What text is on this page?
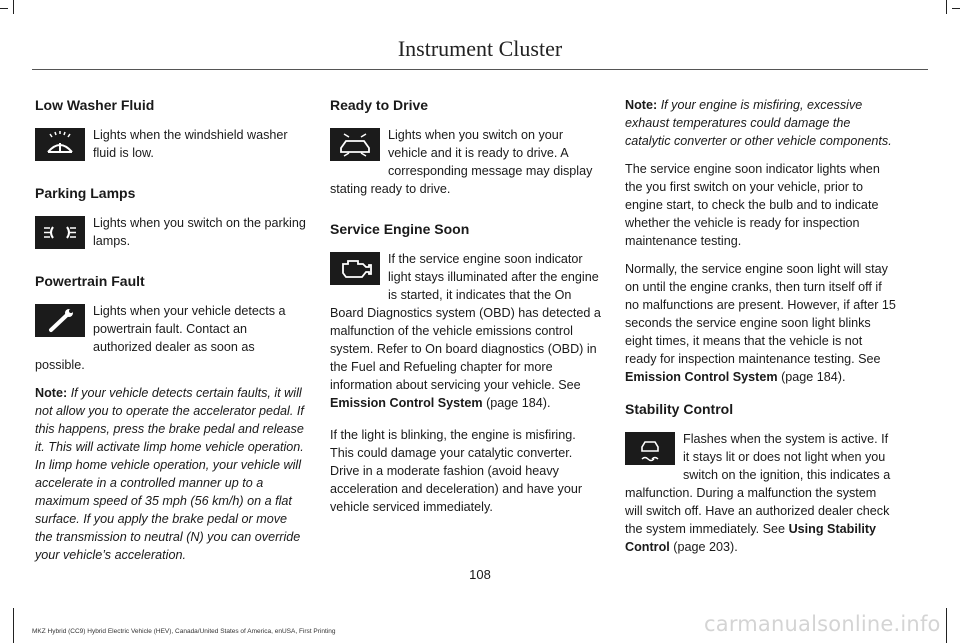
Instrument Cluster
Low Washer Fluid

Lights when the windshield washer fluid is low.

Parking Lamps

Lights when you switch on the parking lamps.

Powertrain Fault

Lights when your vehicle detects a powertrain fault. Contact an authorized dealer as soon as possible.

Note: If your vehicle detects certain faults, it will not allow you to operate the accelerator pedal. If this happens, press the brake pedal and release it. This will activate limp home vehicle operation. In limp home vehicle operation, your vehicle will accelerate in a controlled manner up to a maximum speed of 35 mph (56 km/h) on a flat surface. If you apply the brake pedal or move the transmission to neutral (N) you can override your vehicle’s acceleration.

Ready to Drive

Lights when you switch on your vehicle and it is ready to drive. A corresponding message may display stating ready to drive.

Service Engine Soon

If the service engine soon indicator light stays illuminated after the engine is started, it indicates that the On Board Diagnostics system (OBD) has detected a malfunction of the vehicle emissions control system. Refer to On board diagnostics (OBD) in the Fuel and Refueling chapter for more information about servicing your vehicle. See Emission Control System (page 184).

If the light is blinking, the engine is misfiring. This could damage your catalytic converter. Drive in a moderate fashion (avoid heavy acceleration and deceleration) and have your vehicle serviced immediately.

Note: If your engine is misfiring, excessive exhaust temperatures could damage the catalytic converter or other vehicle components.

The service engine soon indicator lights when the you first switch on your vehicle, prior to engine start, to check the bulb and to indicate whether the vehicle is ready for inspection maintenance testing.

Normally, the service engine soon light will stay on until the engine cranks, then turn itself off if no malfunctions are present. However, if after 15 seconds the service engine soon light blinks eight times, it means that the vehicle is not ready for inspection maintenance testing. See Emission Control System (page 184).

Stability Control

Flashes when the system is active. If it stays lit or does not light when you switch on the ignition, this indicates a malfunction. During a malfunction the system will switch off. Have an authorized dealer check the system immediately. See Using Stability Control (page 203).

108
MKZ Hybrid (CC9) Hybrid Electric Vehicle (HEV), Canada/United States of America, enUSA, First Printing	carmanualsonline.info
